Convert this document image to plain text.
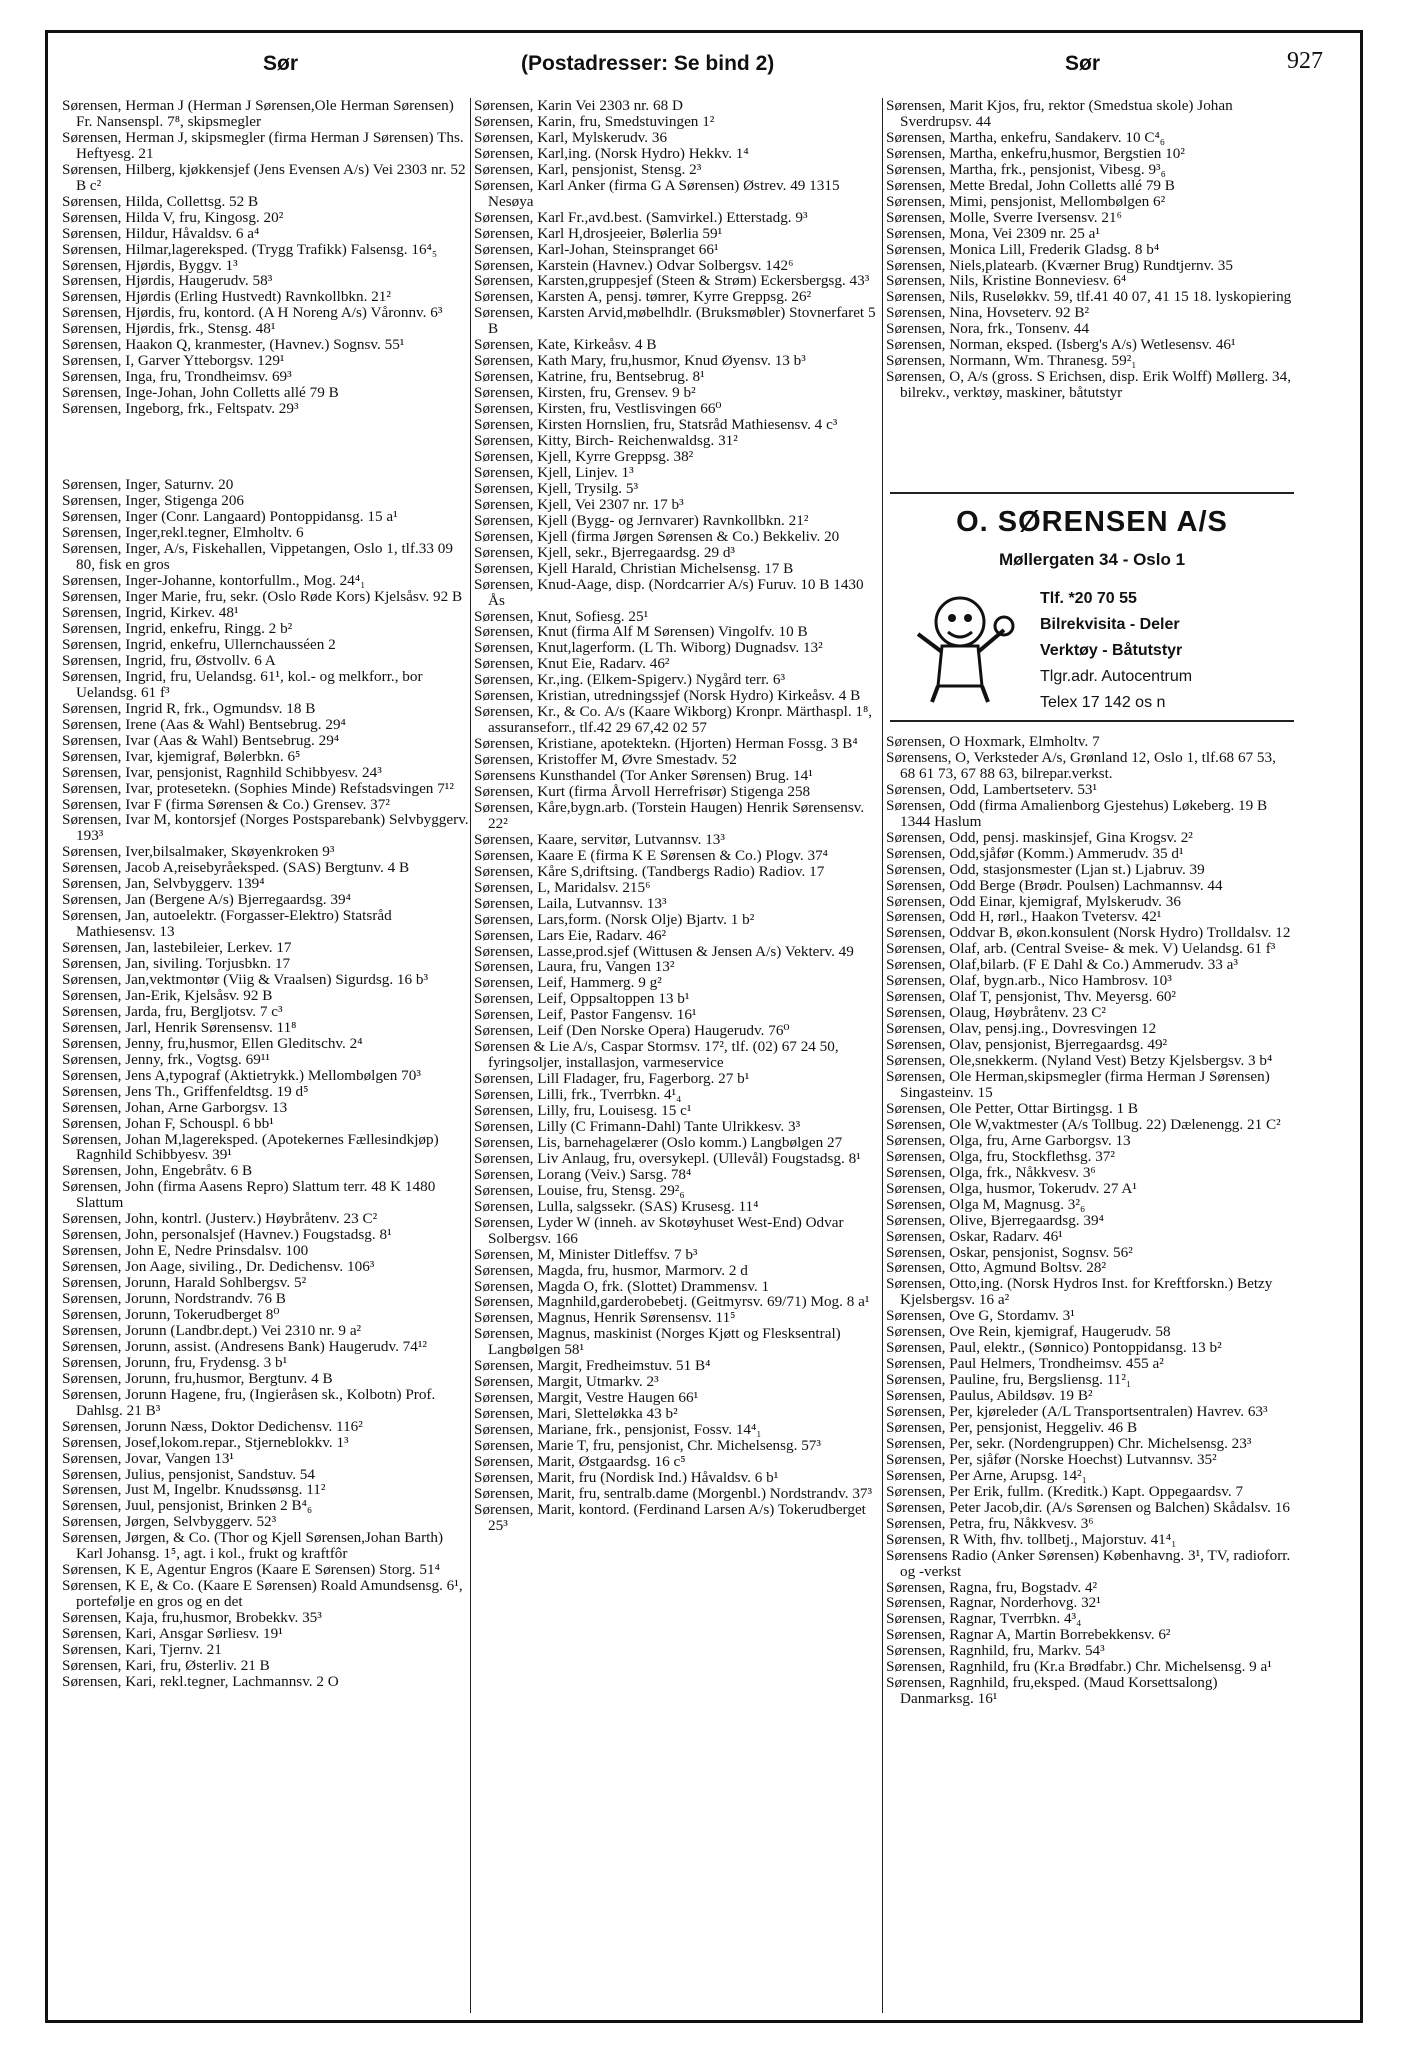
Sør	(Postadresser: Se bind 2)	Sør	927

Sørensen, Herman J (Herman J Sørensen,Ole Herman Sørensen) Fr. Nansenspl. 7⁸, skipsmegler

Sørensen, Herman J, skipsmegler (firma Herman J Sørensen) Ths. Heftyesg. 21

Sørensen, Hilberg, kjøkkensjef (Jens Evensen A/s) Vei 2303 nr. 52 B c²

Sørensen, Hilda, Collettsg. 52 B

Sørensen, Hilda V, fru, Kingosg. 20²

Sørensen, Hildur, Håvaldsv. 6 a⁴

Sørensen, Hilmar,lagereksped. (Trygg Trafikk) Falsensg. 16⁴₅

Sørensen, Hjørdis, Byggv. 1³

Sørensen, Hjørdis, Haugerudv. 58³

Sørensen, Hjørdis (Erling Hustvedt) Ravnkollbkn. 21²

Sørensen, Hjørdis, fru, kontord. (A H Noreng A/s) Våronnv. 6³

Sørensen, Hjørdis, frk., Stensg. 48¹

Sørensen, Haakon Q, kranmester, (Havnev.) Sognsv. 55¹

Sørensen, I, Garver Ytteborgsv. 129¹

Sørensen, Inga, fru, Trondheimsv. 69³

Sørensen, Inge-Johan, John Colletts allé 79 B

Sørensen, Ingeborg, frk., Feltspatv. 29³

Sørensen, Inger, Saturnv. 20

Sørensen, Inger, Stigenga 206

Sørensen, Inger (Conr. Langaard) Pontoppidansg. 15 a¹

Sørensen, Inger,rekl.tegner, Elmholtv. 6

Sørensen, Inger, A/s, Fiskehallen, Vippetangen, Oslo 1, tlf.33 09 80, fisk en gros

Sørensen, Inger-Johanne, kontorfullm., Mog. 24⁴₁

Sørensen, Inger Marie, fru, sekr. (Oslo Røde Kors) Kjelsåsv. 92 B

Sørensen, Ingrid, Kirkev. 48¹

Sørensen, Ingrid, enkefru, Ringg. 2 b²

Sørensen, Ingrid, enkefru, Ullernchausséen 2

Sørensen, Ingrid, fru, Østvollv. 6 A

Sørensen, Ingrid, fru, Uelandsg. 61¹, kol.- og melkforr., bor Uelandsg. 61 f³

Sørensen, Ingrid R, frk., Ogmundsv. 18 B

Sørensen, Irene (Aas & Wahl) Bentsebrug. 29⁴

Sørensen, Ivar (Aas & Wahl) Bentsebrug. 29⁴

Sørensen, Ivar, kjemigraf, Bølerbkn. 6⁵

Sørensen, Ivar, pensjonist, Ragnhild Schibbyesv. 24³

Sørensen, Ivar, protesetekn. (Sophies Minde) Refstadsvingen 7¹²

Sørensen, Ivar F (firma Sørensen & Co.) Grensev. 37²

Sørensen, Ivar M, kontorsjef (Norges Postsparebank) Selvbyggerv. 193³

Sørensen, Iver,bilsalmaker, Skøyenkroken 9³

Sørensen, Jacob A,reisebyråeksped. (SAS) Bergtunv. 4 B

Sørensen, Jan, Selvbyggerv. 139⁴

Sørensen, Jan (Bergene A/s) Bjerregaardsg. 39⁴

Sørensen, Jan, autoelektr. (Forgasser-Elektro) Statsråd Mathiesensv. 13

Sørensen, Jan, lastebileier, Lerkev. 17

Sørensen, Jan, siviling. Torjusbkn. 17

Sørensen, Jan,vektmontør (Viig & Vraalsen) Sigurdsg. 16 b³

Sørensen, Jan-Erik, Kjelsåsv. 92 B

Sørensen, Jarda, fru, Bergljotsv. 7 c³

Sørensen, Jarl, Henrik Sørensensv. 11⁸

Sørensen, Jenny, fru,husmor, Ellen Gleditschv. 2⁴

Sørensen, Jenny, frk., Vogtsg. 69¹¹

Sørensen, Jens A,typograf (Aktietrykk.) Mellombølgen 70³

Sørensen, Jens Th., Griffenfeldtsg. 19 d⁵

Sørensen, Johan, Arne Garborgsv. 13

Sørensen, Johan F, Schouspl. 6 bb¹

Sørensen, Johan M,lagereksped. (Apotekernes Fællesindkjøp) Ragnhild Schibbyesv. 39¹

Sørensen, John, Engebråtv. 6 B

Sørensen, John (firma Aasens Repro) Slattum terr. 48 K 1480 Slattum

Sørensen, John, kontrl. (Justerv.) Høybråtenv. 23 C²

Sørensen, John, personalsjef (Havnev.) Fougstadsg. 8¹

Sørensen, John E, Nedre Prinsdalsv. 100

Sørensen, Jon Aage, siviling., Dr. Dedichensv. 106³

Sørensen, Jorunn, Harald Sohlbergsv. 5²

Sørensen, Jorunn, Nordstrandv. 76 B

Sørensen, Jorunn, Tokerudberget 8⁰

Sørensen, Jorunn (Landbr.dept.) Vei 2310 nr. 9 a²

Sørensen, Jorunn, assist. (Andresens Bank) Haugerudv. 74¹²

Sørensen, Jorunn, fru, Frydensg. 3 b¹

Sørensen, Jorunn, fru,husmor, Bergtunv. 4 B

Sørensen, Jorunn Hagene, fru, (Ingieråsen sk., Kolbotn) Prof. Dahlsg. 21 B³

Sørensen, Jorunn Næss, Doktor Dedichensv. 116²

Sørensen, Josef,lokom.repar., Stjerneblokkv. 1³

Sørensen, Jovar, Vangen 13¹

Sørensen, Julius, pensjonist, Sandstuv. 54

Sørensen, Just M, Ingelbr. Knudssønsg. 11²

Sørensen, Juul, pensjonist, Brinken 2 B⁴₆

Sørensen, Jørgen, Selvbyggerv. 52³

Sørensen, Jørgen, & Co. (Thor og Kjell Sørensen,Johan Barth) Karl Johansg. 1⁵, agt. i kol., frukt og kraftfôr

Sørensen, K E, Agentur Engros (Kaare E Sørensen) Storg. 51⁴

Sørensen, K E, & Co. (Kaare E Sørensen) Roald Amundsensg. 6¹, portefølje en gros og en det

Sørensen, Kaja, fru,husmor, Brobekkv. 35³

Sørensen, Kari, Ansgar Sørliesv. 19¹

Sørensen, Kari, Tjernv. 21

Sørensen, Kari, fru, Østerliv. 21 B

Sørensen, Kari, rekl.tegner, Lachmannsv. 2 O

Sørensen, Karin Vei 2303 nr. 68 D

Sørensen, Karin, fru, Smedstuvingen 1²

Sørensen, Karl, Mylskerudv. 36

Sørensen, Karl,ing. (Norsk Hydro) Hekkv. 1⁴

Sørensen, Karl, pensjonist, Stensg. 2³

Sørensen, Karl Anker (firma G A Sørensen) Østrev. 49 1315 Nesøya

Sørensen, Karl Fr.,avd.best. (Samvirkel.) Etterstadg. 9³

Sørensen, Karl H,drosjeeier, Bølerlia 59¹

Sørensen, Karl-Johan, Steinspranget 66¹

Sørensen, Karstein (Havnev.) Odvar Solbergsv. 142⁶

Sørensen, Karsten,gruppesjef (Steen & Strøm) Eckersbergsg. 43³

Sørensen, Karsten A, pensj. tømrer, Kyrre Greppsg. 26²

Sørensen, Karsten Arvid,møbelhdlr. (Bruksmøbler) Stovnerfaret 5 B

Sørensen, Kate, Kirkeåsv. 4 B

Sørensen, Kath Mary, fru,husmor, Knud Øyensv. 13 b³

Sørensen, Katrine, fru, Bentsebrug. 8¹

Sørensen, Kirsten, fru, Grensev. 9 b²

Sørensen, Kirsten, fru, Vestlisvingen 66⁰

Sørensen, Kirsten Hornslien, fru, Statsråd Mathiesensv. 4 c³

Sørensen, Kitty, Birch- Reichenwaldsg. 31²

Sørensen, Kjell, Kyrre Greppsg. 38²

Sørensen, Kjell, Linjev. 1³

Sørensen, Kjell, Trysilg. 5³

Sørensen, Kjell, Vei 2307 nr. 17 b³

Sørensen, Kjell (Bygg- og Jernvarer) Ravnkollbkn. 21²

Sørensen, Kjell (firma Jørgen Sørensen & Co.) Bekkeliv. 20

Sørensen, Kjell, sekr., Bjerregaardsg. 29 d³

Sørensen, Kjell Harald, Christian Michelsensg. 17 B

Sørensen, Knud-Aage, disp. (Nordcarrier A/s) Furuv. 10 B 1430 Ås

Sørensen, Knut, Sofiesg. 25¹

Sørensen, Knut (firma Alf M Sørensen) Vingolfv. 10 B

Sørensen, Knut,lagerform. (L Th. Wiborg) Dugnadsv. 13²

Sørensen, Knut Eie, Radarv. 46²

Sørensen, Kr.,ing. (Elkem-Spigerv.) Nygård terr. 6³

Sørensen, Kristian, utredningssjef (Norsk Hydro) Kirkeåsv. 4 B

Sørensen, Kr., & Co. A/s (Kaare Wikborg) Kronpr. Märthaspl. 1⁸, assuranseforr., tlf.42 29 67,42 02 57

Sørensen, Kristiane, apotektekn. (Hjorten) Herman Fossg. 3 B⁴

Sørensen, Kristoffer M, Øvre Smestadv. 52

Sørensens Kunsthandel (Tor Anker Sørensen) Brug. 14¹

Sørensen, Kurt (firma Årvoll Herrefrisør) Stigenga 258

Sørensen, Kåre,bygn.arb. (Torstein Haugen) Henrik Sørensensv. 22²

Sørensen, Kaare, servitør, Lutvannsv. 13³

Sørensen, Kaare E (firma K E Sørensen & Co.) Plogv. 37⁴

Sørensen, Kåre S,driftsing. (Tandbergs Radio) Radiov. 17

Sørensen, L, Maridalsv. 215⁶

Sørensen, Laila, Lutvannsv. 13³

Sørensen, Lars,form. (Norsk Olje) Bjartv. 1 b²

Sørensen, Lars Eie, Radarv. 46²

Sørensen, Lasse,prod.sjef (Wittusen & Jensen A/s) Vekterv. 49

Sørensen, Laura, fru, Vangen 13²

Sørensen, Leif, Hammerg. 9 g²

Sørensen, Leif, Oppsaltoppen 13 b¹

Sørensen, Leif, Pastor Fangensv. 16¹

Sørensen, Leif (Den Norske Opera) Haugerudv. 76⁰

Sørensen & Lie A/s, Caspar Stormsv. 17², tlf. (02) 67 24 50, fyringsoljer, installasjon, varmeservice

Sørensen, Lill Fladager, fru, Fagerborg. 27 b¹

Sørensen, Lilli, frk., Tverrbkn. 4¹₄

Sørensen, Lilly, fru, Louisesg. 15 c¹

Sørensen, Lilly (C Frimann-Dahl) Tante Ulrikkesv. 3³

Sørensen, Lis, barnehagelærer (Oslo komm.) Langbølgen 27

Sørensen, Liv Anlaug, fru, oversykepl. (Ullevål) Fougstadsg. 8¹

Sørensen, Lorang (Veiv.) Sarsg. 78⁴

Sørensen, Louise, fru, Stensg. 29²₆

Sørensen, Lulla, salgssekr. (SAS) Krusesg. 11⁴

Sørensen, Lyder W (inneh. av Skotøyhuset West-End) Odvar Solbergsv. 166

Sørensen, M, Minister Ditleffsv. 7 b³

Sørensen, Magda, fru, husmor, Marmorv. 2 d

Sørensen, Magda O, frk. (Slottet) Drammensv. 1

Sørensen, Magnhild,garderobebetj. (Geitmyrsv. 69/71) Mog. 8 a¹

Sørensen, Magnus, Henrik Sørensensv. 11⁵

Sørensen, Magnus, maskinist (Norges Kjøtt og Flesksentral) Langbølgen 58¹

Sørensen, Margit, Fredheimstuv. 51 B⁴

Sørensen, Margit, Utmarkv. 2³

Sørensen, Margit, Vestre Haugen 66¹

Sørensen, Mari, Sletteløkka 43 b²

Sørensen, Mariane, frk., pensjonist, Fossv. 14⁴₁

Sørensen, Marie T, fru, pensjonist, Chr. Michelsensg. 57³

Sørensen, Marit, Østgaardsg. 16 c⁵

Sørensen, Marit, fru (Nordisk Ind.) Håvaldsv. 6 b¹

Sørensen, Marit, fru, sentralb.dame (Morgenbl.) Nordstrandv. 37³

Sørensen, Marit, kontord. (Ferdinand Larsen A/s) Tokerudberget 25³

Sørensen, Marit Kjos, fru, rektor (Smedstua skole) Johan Sverdrupsv. 44

Sørensen, Martha, enkefru, Sandakerv. 10 C⁴₆

Sørensen, Martha, enkefru,husmor, Bergstien 10²

Sørensen, Martha, frk., pensjonist, Vibesg. 9³₆

Sørensen, Mette Bredal, John Colletts allé 79 B

Sørensen, Mimi, pensjonist, Mellombølgen 6²

Sørensen, Molle, Sverre Iversensv. 21⁶

Sørensen, Mona, Vei 2309 nr. 25 a¹

Sørensen, Monica Lill, Frederik Gladsg. 8 b⁴

Sørensen, Niels,platearb. (Kværner Brug) Rundtjernv. 35

Sørensen, Nils, Kristine Bonneviesv. 6⁴

Sørensen, Nils, Ruseløkkv. 59, tlf.41 40 07, 41 15 18. lyskopiering

Sørensen, Nina, Hovseterv. 92 B²

Sørensen, Nora, frk., Tonsenv. 44

Sørensen, Norman, eksped. (Isberg's A/s) Wetlesensv. 46¹

Sørensen, Normann, Wm. Thranesg. 59²₁

Sørensen, O, A/s (gross. S Erichsen, disp. Erik Wolff) Møllerg. 34, bilrekv., verktøy, maskiner, båtutstyr

O. SØRENSEN A/S
Møllergaten 34 - Oslo 1
Tlf. *20 70 55
Bilrekvisita - Deler
Verktøy - Båtutstyr
Tlgr.adr. Autocentrum
Telex 17 142 os n

Sørensen, O Hoxmark, Elmholtv. 7

Sørensens, O, Verksteder A/s, Grønland 12, Oslo 1, tlf.68 67 53, 68 61 73, 67 88 63, bilrepar.verkst.

Sørensen, Odd, Lambertseterv. 53¹

Sørensen, Odd (firma Amalienborg Gjestehus) Løkeberg. 19 B 1344 Haslum

Sørensen, Odd, pensj. maskinsjef, Gina Krogsv. 2²

Sørensen, Odd,sjåfør (Komm.) Ammerudv. 35 d¹

Sørensen, Odd, stasjonsmester (Ljan st.) Ljabruv. 39

Sørensen, Odd Berge (Brødr. Poulsen) Lachmannsv. 44

Sørensen, Odd Einar, kjemigraf, Mylskerudv. 36

Sørensen, Odd H, rørl., Haakon Tvetersv. 42¹

Sørensen, Oddvar B, økon.konsulent (Norsk Hydro) Trolldalsv. 12

Sørensen, Olaf, arb. (Central Sveise- & mek. V) Uelandsg. 61 f³

Sørensen, Olaf,bilarb. (F E Dahl & Co.) Ammerudv. 33 a³

Sørensen, Olaf, bygn.arb., Nico Hambrosv. 10³

Sørensen, Olaf T, pensjonist, Thv. Meyersg. 60²

Sørensen, Olaug, Høybråtenv. 23 C²

Sørensen, Olav, pensj.ing., Dovresvingen 12

Sørensen, Olav, pensjonist, Bjerregaardsg. 49²

Sørensen, Ole,snekkerm. (Nyland Vest) Betzy Kjelsbergsv. 3 b⁴

Sørensen, Ole Herman,skipsmegler (firma Herman J Sørensen) Singasteinv. 15

Sørensen, Ole Petter, Ottar Birtingsg. 1 B

Sørensen, Ole W,vaktmester (A/s Tollbug. 22) Dælenengg. 21 C²

Sørensen, Olga, fru, Arne Garborgsv. 13

Sørensen, Olga, fru, Stockflethsg. 37²

Sørensen, Olga, frk., Nåkkvesv. 3⁶

Sørensen, Olga, husmor, Tokerudv. 27 A¹

Sørensen, Olga M, Magnusg. 3²₆

Sørensen, Olive, Bjerregaardsg. 39⁴

Sørensen, Oskar, Radarv. 46¹

Sørensen, Oskar, pensjonist, Sognsv. 56²

Sørensen, Otto, Agmund Boltsv. 28²

Sørensen, Otto,ing. (Norsk Hydros Inst. for Kreftforskn.) Betzy Kjelsbergsv. 16 a²

Sørensen, Ove G, Stordamv. 3¹

Sørensen, Ove Rein, kjemigraf, Haugerudv. 58

Sørensen, Paul, elektr., (Sønnico) Pontoppidansg. 13 b²

Sørensen, Paul Helmers, Trondheimsv. 455 a²

Sørensen, Pauline, fru, Bergsliensg. 11²₁

Sørensen, Paulus, Abildsøv. 19 B²

Sørensen, Per, kjøreleder (A/L Transportsentralen) Havrev. 63³

Sørensen, Per, pensjonist, Heggeliv. 46 B

Sørensen, Per, sekr. (Nordengruppen) Chr. Michelsensg. 23³

Sørensen, Per, sjåfør (Norske Hoechst) Lutvannsv. 35²

Sørensen, Per Arne, Arupsg. 14²₁

Sørensen, Per Erik, fullm. (Kreditk.) Kapt. Oppegaardsv. 7

Sørensen, Peter Jacob,dir. (A/s Sørensen og Balchen) Skådalsv. 16

Sørensen, Petra, fru, Nåkkvesv. 3⁶

Sørensen, R With, fhv. tollbetj., Majorstuv. 41⁴₁

Sørensens Radio (Anker Sørensen) Københavng. 3¹, TV, radioforr. og -verkst

Sørensen, Ragna, fru, Bogstadv. 4²

Sørensen, Ragnar, Norderhovg. 32¹

Sørensen, Ragnar, Tverrbkn. 4³₄

Sørensen, Ragnar A, Martin Borrebekkensv. 6²

Sørensen, Ragnhild, fru, Markv. 54³

Sørensen, Ragnhild, fru (Kr.a Brødfabr.) Chr. Michelsensg. 9 a¹

Sørensen, Ragnhild, fru,eksped. (Maud Korsettsalong) Danmarksg. 16¹
